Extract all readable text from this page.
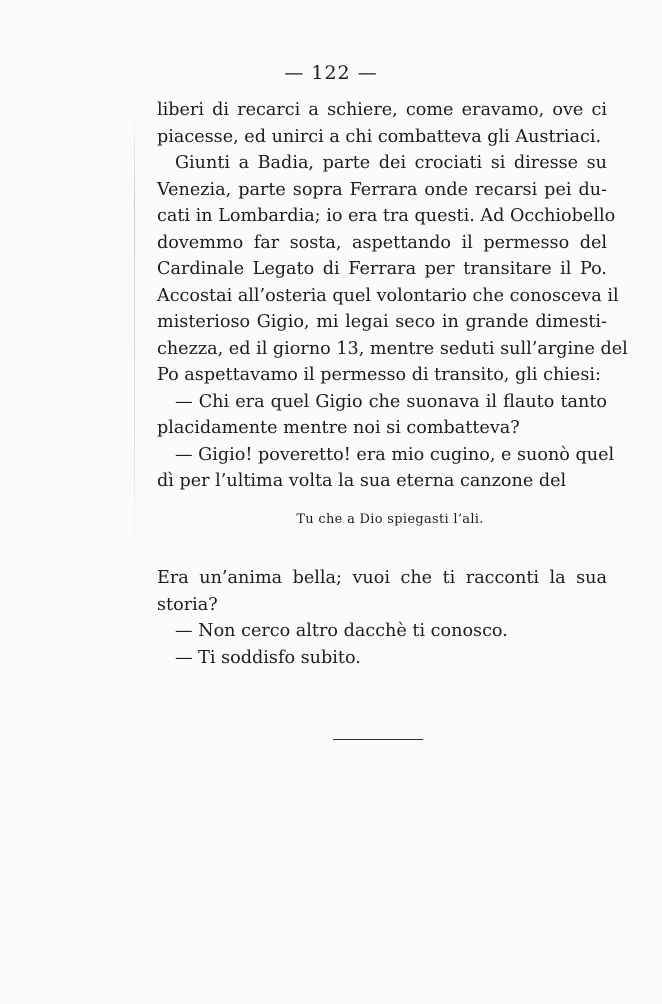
— 122 —
liberi di recarci a schiere, come eravamo, ove ci
piacesse, ed unirci a chi combatteva gli Austriaci.
Giunti a Badia, parte dei crociati si diresse su
Venezia, parte sopra Ferrara onde recarsi pei du-
cati in Lombardia; io era tra questi. Ad Occhiobello
dovemmo far sosta, aspettando il permesso del
Cardinale Legato di Ferrara per transitare il Po.
Accostai all’osteria quel volontario che conosceva il
misterioso Gigio, mi legai seco in grande dimesti-
chezza, ed il giorno 13, mentre seduti sull’argine del
Po aspettavamo il permesso di transito, gli chiesi:
— Chi era quel Gigio che suonava il flauto tanto
placidamente mentre noi si combatteva?
— Gigio! poveretto! era mio cugino, e suonò quel
dì per l’ultima volta la sua eterna canzone del
Tu che a Dio spiegasti l’ali.
Era un’anima bella; vuoi che ti racconti la sua
storia?
— Non cerco altro dacchè ti conosco.
— Ti soddisfo subito.
